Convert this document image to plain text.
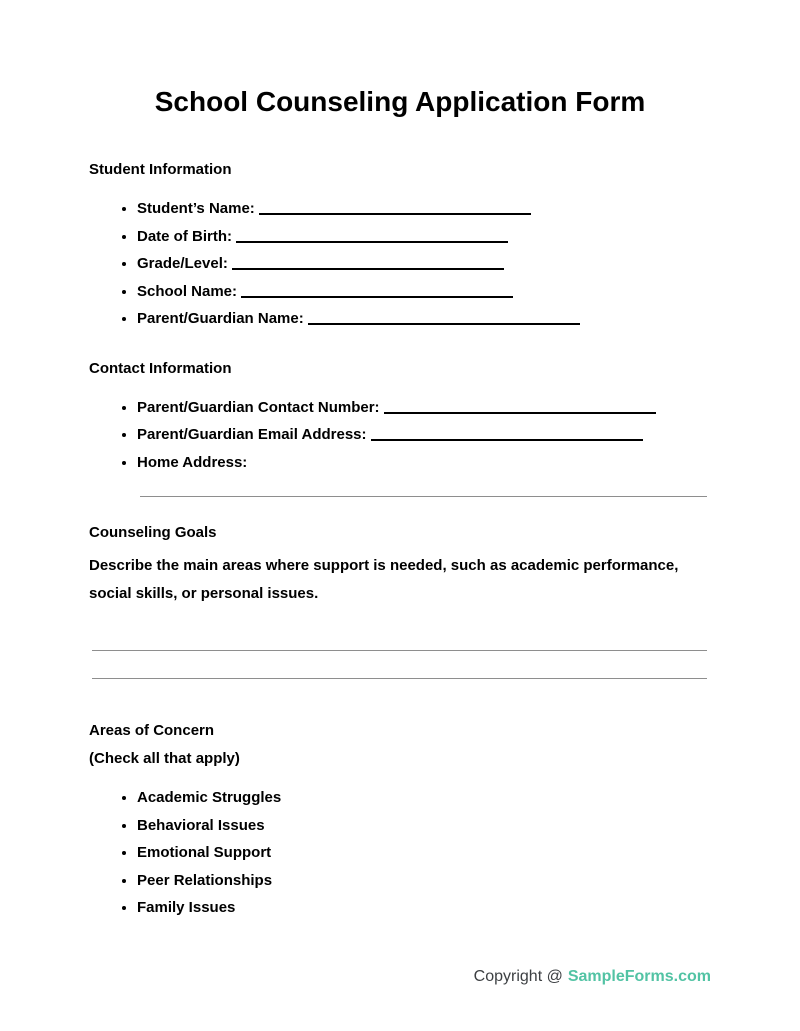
School Counseling Application Form

Student Information

• Student’s Name:
• Date of Birth:
• Grade/Level:
• School Name:
• Parent/Guardian Name:

Contact Information

• Parent/Guardian Contact Number:
• Parent/Guardian Email Address:
• Home Address:

Counseling Goals

Describe the main areas where support is needed, such as academic performance, social skills, or personal issues.

Areas of Concern

(Check all that apply)

• Academic Struggles
• Behavioral Issues
• Emotional Support
• Peer Relationships
• Family Issues
Copyright @ SampleForms.com
